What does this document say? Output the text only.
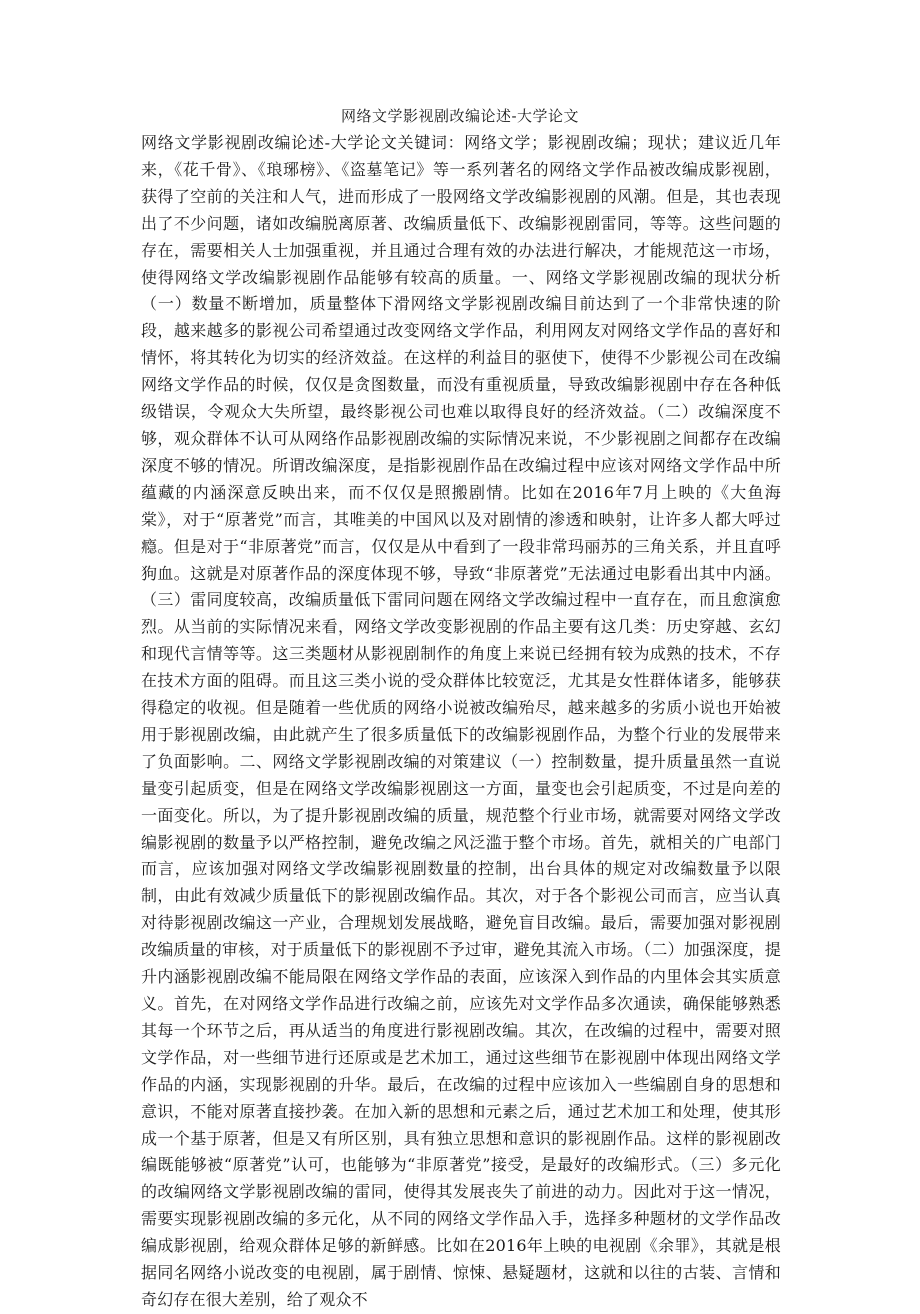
网络文学影视剧改编论述-大学论文

网络文学影视剧改编论述-大学论文关键词：网络文学；影视剧改编；现状；建议近几年来，《花千骨》、《琅琊榜》、《盗墓笔记》等一系列著名的网络文学作品被改编成影视剧，获得了空前的关注和人气，进而形成了一股网络文学改编影视剧的风潮。但是，其也表现出了不少问题，诸如改编脱离原著、改编质量低下、改编影视剧雷同，等等。这些问题的存在，需要相关人士加强重视，并且通过合理有效的办法进行解决，才能规范这一市场，使得网络文学改编影视剧作品能够有较高的质量。一、网络文学影视剧改编的现状分析（一）数量不断增加，质量整体下滑网络文学影视剧改编目前达到了一个非常快速的阶段，越来越多的影视公司希望通过改变网络文学作品，利用网友对网络文学作品的喜好和情怀，将其转化为切实的经济效益。在这样的利益目的驱使下，使得不少影视公司在改编网络文学作品的时候，仅仅是贪图数量，而没有重视质量，导致改编影视剧中存在各种低级错误，令观众大失所望，最终影视公司也难以取得良好的经济效益。（二）改编深度不够，观众群体不认可从网络作品影视剧改编的实际情况来说，不少影视剧之间都存在改编深度不够的情况。所谓改编深度，是指影视剧作品在改编过程中应该对网络文学作品中所蕴藏的内涵深意反映出来，而不仅仅是照搬剧情。比如在2016年7月上映的《大鱼海棠》，对于“原著党”而言，其唯美的中国风以及对剧情的渗透和映射，让许多人都大呼过瘾。但是对于“非原著党”而言，仅仅是从中看到了一段非常玛丽苏的三角关系，并且直呼狗血。这就是对原著作品的深度体现不够，导致“非原著党”无法通过电影看出其中内涵。（三）雷同度较高，改编质量低下雷同问题在网络文学改编过程中一直存在，而且愈演愈烈。从当前的实际情况来看，网络文学改变影视剧的作品主要有这几类：历史穿越、玄幻和现代言情等等。这三类题材从影视剧制作的角度上来说已经拥有较为成熟的技术，不存在技术方面的阻碍。而且这三类小说的受众群体比较宽泛，尤其是女性群体诸多，能够获得稳定的收视。但是随着一些优质的网络小说被改编殆尽，越来越多的劣质小说也开始被用于影视剧改编，由此就产生了很多质量低下的改编影视剧作品，为整个行业的发展带来了负面影响。二、网络文学影视剧改编的对策建议（一）控制数量，提升质量虽然一直说量变引起质变，但是在网络文学改编影视剧这一方面，量变也会引起质变，不过是向差的一面变化。所以，为了提升影视剧改编的质量，规范整个行业市场，就需要对网络文学改编影视剧的数量予以严格控制，避免改编之风泛滥于整个市场。首先，就相关的广电部门而言，应该加强对网络文学改编影视剧数量的控制，出台具体的规定对改编数量予以限制，由此有效减少质量低下的影视剧改编作品。其次，对于各个影视公司而言，应当认真对待影视剧改编这一产业，合理规划发展战略，避免盲目改编。最后，需要加强对影视剧改编质量的审核，对于质量低下的影视剧不予过审，避免其流入市场。（二）加强深度，提升内涵影视剧改编不能局限在网络文学作品的表面，应该深入到作品的内里体会其实质意义。首先，在对网络文学作品进行改编之前，应该先对文学作品多次通读，确保能够熟悉其每一个环节之后，再从适当的角度进行影视剧改编。其次，在改编的过程中，需要对照文学作品，对一些细节进行还原或是艺术加工，通过这些细节在影视剧中体现出网络文学作品的内涵，实现影视剧的升华。最后，在改编的过程中应该加入一些编剧自身的思想和意识，不能对原著直接抄袭。在加入新的思想和元素之后，通过艺术加工和处理，使其形成一个基于原著，但是又有所区别，具有独立思想和意识的影视剧作品。这样的影视剧改编既能够被“原著党”认可，也能够为“非原著党”接受，是最好的改编形式。（三）多元化的改编网络文学影视剧改编的雷同，使得其发展丧失了前进的动力。因此对于这一情况，需要实现影视剧改编的多元化，从不同的网络文学作品入手，选择多种题材的文学作品改编成影视剧，给观众群体足够的新鲜感。比如在2016年上映的电视剧《余罪》，其就是根据同名网络小说改变的电视剧，属于剧情、惊悚、悬疑题材，这就和以往的古装、言情和奇幻存在很大差别，给了观众不
